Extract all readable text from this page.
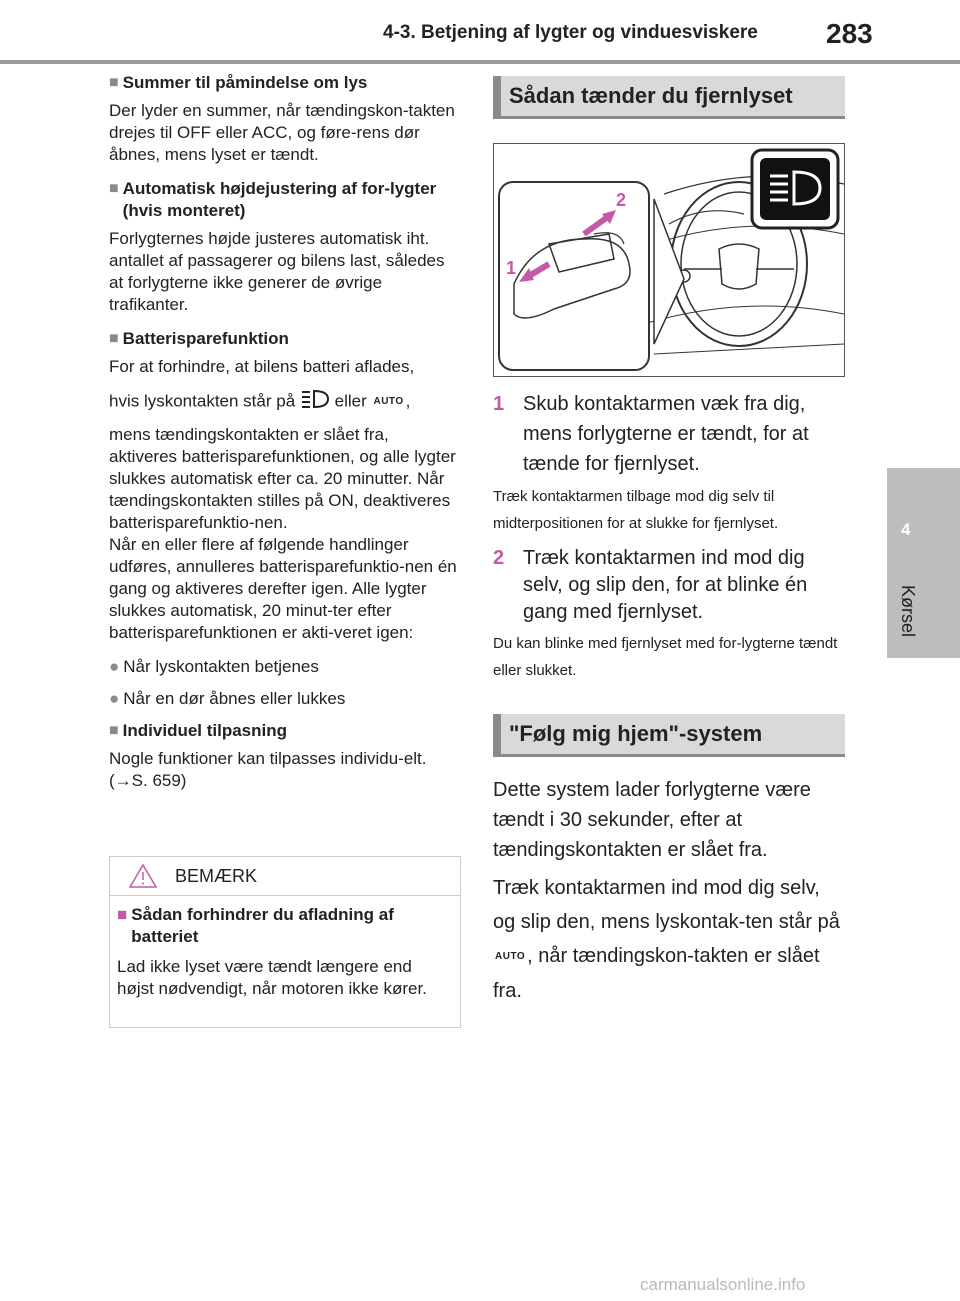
4-3. Betjening af lygter og vinduesviskere 283
4
Kørsel
■ Summer til påmindelse om lys

Der lyder en summer, når tændingskon-takten drejes til OFF eller ACC, og føre-rens dør åbnes, mens lyset er tændt.

■ Automatisk højdejustering af for-lygter (hvis monteret)

Forlygternes højde justeres automatisk iht. antallet af passagerer og bilens last, således at forlygterne ikke generer de øvrige trafikanter.

■ Batterisparefunktion

For at forhindre, at bilens batteri aflades,

hvis lyskontakten står på eller AUTO ,

mens tændingskontakten er slået fra, aktiveres batterisparefunktionen, og alle lygter slukkes automatisk efter ca. 20 minutter. Når tændingskontakten stilles på ON, deaktiveres batterisparefunktio-nen.

Når en eller flere af følgende handlinger udføres, annulleres batterisparefunktio-nen én gang og aktiveres derefter igen. Alle lygter slukkes automatisk, 20 minut-ter efter batterisparefunktionen er akti-veret igen:

● Når lyskontakten betjenes
● Når en dør åbnes eller lukkes
■ Individuel tilpasning

Nogle funktioner kan tilpasses individu-elt. (→S. 659)

BEMÆRK
■ Sådan forhindrer du afladning af batteriet
Lad ikke lyset være tændt længere end højst nødvendigt, når motoren ikke kører.
Sådan tænder du fjernlyset
1
2
1 Skub kontaktarmen væk fra dig, mens forlygterne er tændt, for at tænde for fjernlyset.

Træk kontaktarmen tilbage mod dig selv til midterpositionen for at slukke for fjernlyset.

2 Træk kontaktarmen ind mod dig selv, og slip den, for at blinke én gang med fjernlyset.

Du kan blinke med fjernlyset med for-lygterne tændt eller slukket.

"Følg mig hjem"-system

Dette system lader forlygterne være tændt i 30 sekunder, efter at tændingskontakten er slået fra.

Træk kontaktarmen ind mod dig selv, og slip den, mens lyskontak-ten står på AUTO , når tændingskon-takten er slået fra.

carmanualsonline.info
